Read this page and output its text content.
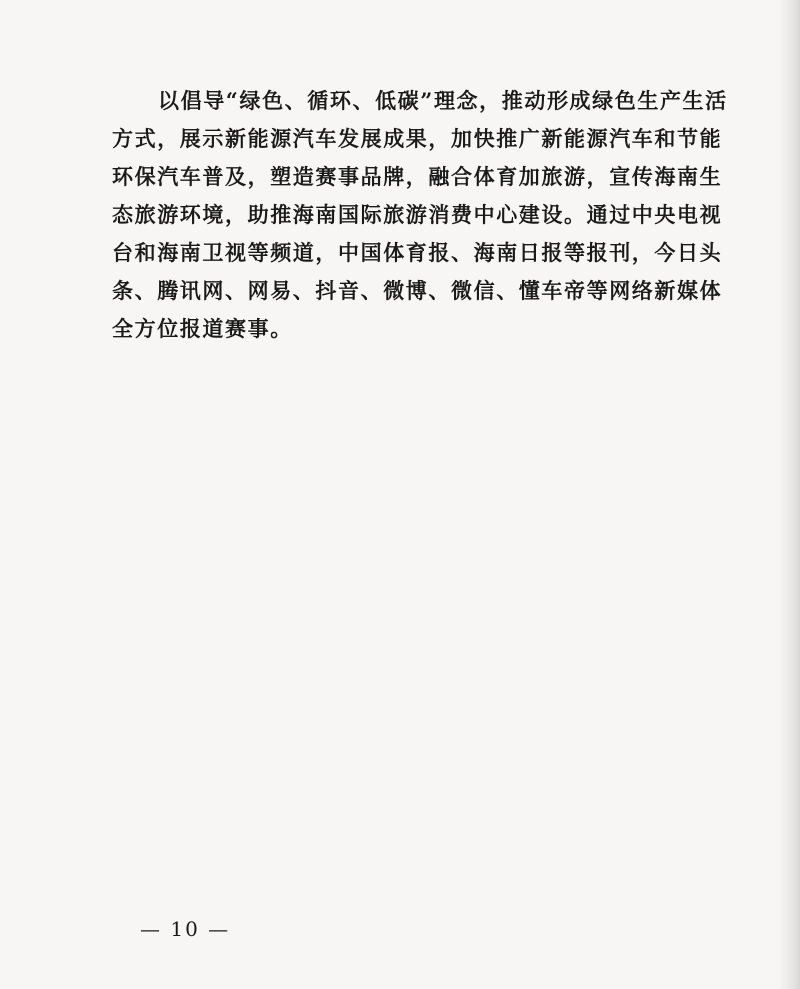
以倡导“绿色、循环、低碳”理念，推动形成绿色生产生活
方式，展示新能源汽车发展成果，加快推广新能源汽车和节能
环保汽车普及，塑造赛事品牌，融合体育加旅游，宣传海南生
态旅游环境，助推海南国际旅游消费中心建设。通过中央电视
台和海南卫视等频道，中国体育报、海南日报等报刊，今日头
条、腾讯网、网易、抖音、微博、微信、懂车帝等网络新媒体
全方位报道赛事。
— 10 —
